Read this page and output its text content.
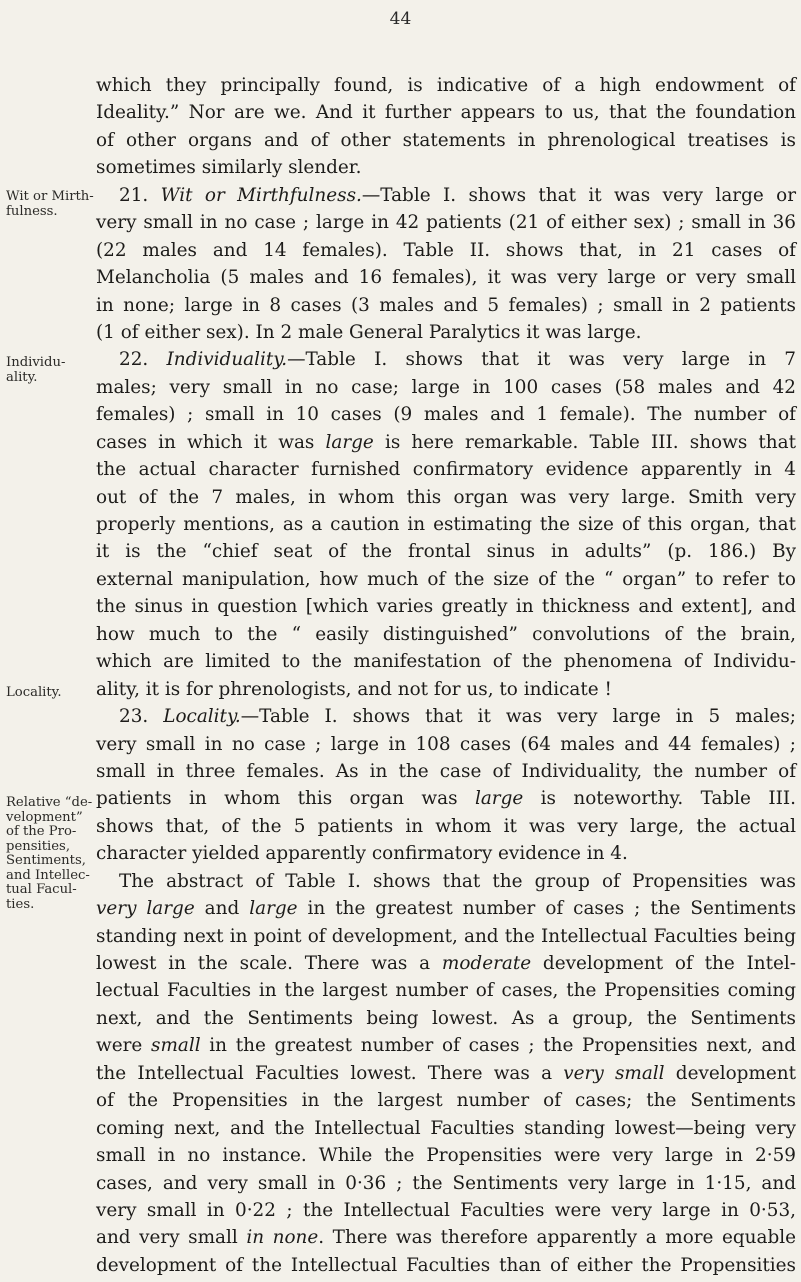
44
Wit or Mirth-
fulness.
Individu-
ality.
Locality.
Relative “de-
velopment”
of the Pro-
pensities,
Sentiments,
and Intellec-
tual Facul-
ties.
which they principally found, is indicative of a high endowment of
Ideality.” Nor are we. And it further appears to us, that the foundation
of other organs and of other statements in phrenological treatises is
sometimes similarly slender.
21. Wit or Mirthfulness.—Table I. shows that it was very large or
very small in no case ; large in 42 patients (21 of either sex) ; small in 36
(22 males and 14 females). Table II. shows that, in 21 cases of
Melancholia (5 males and 16 females), it was very large or very small
in none; large in 8 cases (3 males and 5 females) ; small in 2 patients
(1 of either sex). In 2 male General Paralytics it was large.
22. Individuality.—Table I. shows that it was very large in 7
males; very small in no case; large in 100 cases (58 males and 42
females) ; small in 10 cases (9 males and 1 female). The number of
cases in which it was large is here remarkable. Table III. shows that
the actual character furnished confirmatory evidence apparently in 4
out of the 7 males, in whom this organ was very large. Smith very
properly mentions, as a caution in estimating the size of this organ, that
it is the “chief seat of the frontal sinus in adults” (p. 186.) By
external manipulation, how much of the size of the “ organ” to refer to
the sinus in question [which varies greatly in thickness and extent], and
how much to the “ easily distinguished” convolutions of the brain,
which are limited to the manifestation of the phenomena of Individu-
ality, it is for phrenologists, and not for us, to indicate !
23. Locality.—Table I. shows that it was very large in 5 males;
very small in no case ; large in 108 cases (64 males and 44 females) ;
small in three females. As in the case of Individuality, the number of
patients in whom this organ was large is noteworthy. Table III.
shows that, of the 5 patients in whom it was very large, the actual
character yielded apparently confirmatory evidence in 4.
The abstract of Table I. shows that the group of Propensities was
very large and large in the greatest number of cases ; the Sentiments
standing next in point of development, and the Intellectual Faculties being
lowest in the scale. There was a moderate development of the Intel-
lectual Faculties in the largest number of cases, the Propensities coming
next, and the Sentiments being lowest. As a group, the Sentiments
were small in the greatest number of cases ; the Propensities next, and
the Intellectual Faculties lowest. There was a very small development
of the Propensities in the largest number of cases; the Sentiments
coming next, and the Intellectual Faculties standing lowest—being very
small in no instance. While the Propensities were very large in 2·59
cases, and very small in 0·36 ; the Sentiments very large in 1·15, and
very small in 0·22 ; the Intellectual Faculties were very large in 0·53,
and very small in none. There was therefore apparently a more equable
development of the Intellectual Faculties than of either the Propensities
